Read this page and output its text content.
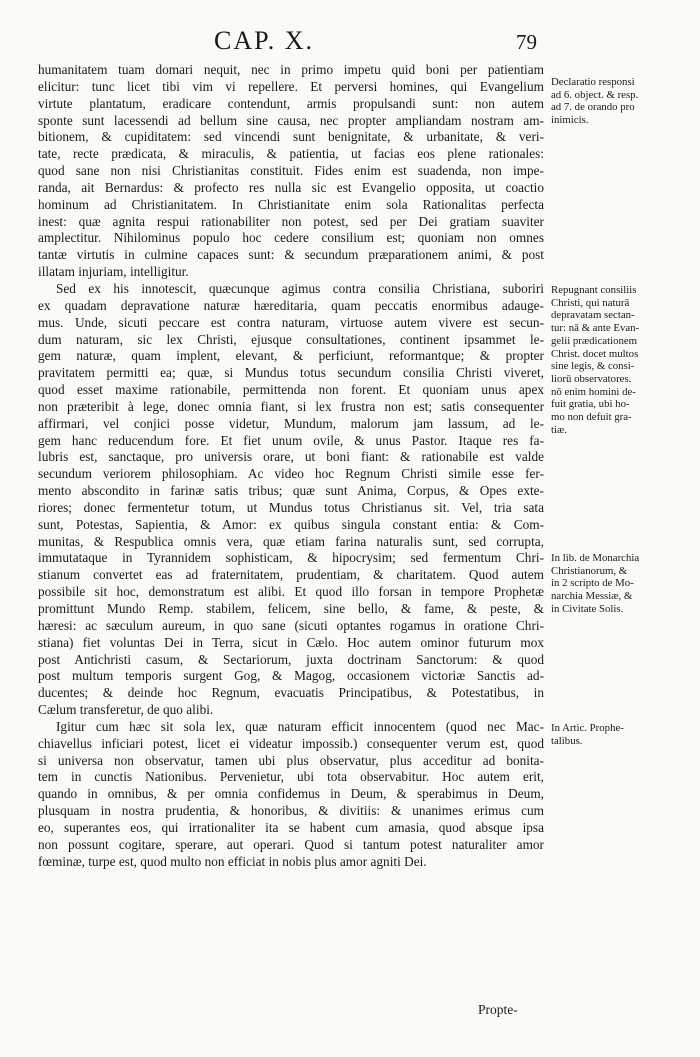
CAP. X.	79
humanitatem tuam domari nequit, nec in primo impetu quid boni per patientiam
elicitur: tunc licet tibi vim vi repellere. Et perversi homines, qui Evangelium
virtute plantatum, eradicare contendunt, armis propulsandi sunt: non autem
sponte sunt lacessendi ad bellum sine causa, nec propter ampliandam nostram am-
bitionem, & cupiditatem: sed vincendi sunt benignitate, & urbanitate, & veri-
tate, recte prædicata, & miraculis, & patientia, ut facias eos plene rationales:
quod sane non nisi Christianitas constituit. Fides enim est suadenda, non impe-
randa, ait Bernardus: & profecto res nulla sic est Evangelio opposita, ut coactio
hominum ad Christianitatem. In Christianitate enim sola Rationalitas perfecta
inest: quæ agnita respui rationabiliter non potest, sed per Dei gratiam suaviter
amplectitur. Nihilominus populo hoc cedere consilium est; quoniam non omnes
tantæ virtutis in culmine capaces sunt: & secundum præparationem animi, & post
illatam injuriam, intelligitur.
Sed ex his innotescit, quæcunque agimus contra consilia Christiana, suboriri
ex quadam depravatione naturæ hæreditaria, quam peccatis enormibus adauge-
mus. Unde, sicuti peccare est contra naturam, virtuose autem vivere est secun-
dum naturam, sic lex Christi, ejusque consultationes, continent ipsammet le-
gem naturæ, quam implent, elevant, & perficiunt, reformantque; & propter
pravitatem permitti ea; quæ, si Mundus totus secundum consilia Christi viveret,
quod esset maxime rationabile, permittenda non forent. Et quoniam unus apex
non præteribit à lege, donec omnia fiant, si lex frustra non est; satis consequenter
affirmari, vel conjici posse videtur, Mundum, malorum jam lassum, ad le-
gem hanc reducendum fore. Et fiet unum ovile, & unus Pastor. Itaque res fa-
lubris est, sanctaque, pro universis orare, ut boni fiant: & rationabile est valde
secundum veriorem philosophiam. Ac video hoc Regnum Christi simile esse fer-
mento abscondito in farinæ satis tribus; quæ sunt Anima, Corpus, & Opes exte-
riores; donec fermentetur totum, ut Mundus totus Christianus sit. Vel, tria sata
sunt, Potestas, Sapientia, & Amor: ex quibus singula constant entia: & Com-
munitas, & Respublica omnis vera, quæ etiam farina naturalis sunt, sed corrupta,
immutataque in Tyrannidem sophisticam, & hipocrysim; sed fermentum Chri-
stianum convertet eas ad fraternitatem, prudentiam, & charitatem. Quod autem
possibile sit hoc, demonstratum est alibi. Et quod illo forsan in tempore Prophetæ
promittunt Mundo Remp. stabilem, felicem, sine bello, & fame, & peste, &
hæresi: ac sæculum aureum, in quo sane (sicuti optantes rogamus in oratione Chri-
stiana) fiet voluntas Dei in Terra, sicut in Cælo. Hoc autem ominor futurum mox
post Antichristi casum, & Sectariorum, juxta doctrinam Sanctorum: & quod
post multum temporis surgent Gog, & Magog, occasionem victoriæ Sanctis ad-
ducentes; & deinde hoc Regnum, evacuatis Principatibus, & Potestatibus, in
Cælum transferetur, de quo alibi.
Igitur cum hæc sit sola lex, quæ naturam efficit innocentem (quod nec Mac-
chiavellus inficiari potest, licet ei videatur impossib.) consequenter verum est, quod
si universa non observatur, tamen ubi plus observatur, plus acceditur ad bonita-
tem in cunctis Nationibus. Pervenietur, ubi tota observabitur. Hoc autem erit,
quando in omnibus, & per omnia confidemus in Deum, & sperabimus in Deum,
plusquam in nostra prudentia, & honoribus, & divitiis: & unanimes erimus cum
eo, superantes eos, qui irrationaliter ita se habent cum amasia, quod absque ipsa
non possunt cogitare, sperare, aut operari. Quod si tantum potest naturaliter amor
fœminæ, turpe est, quod multo non efficiat in nobis plus amor agniti Dei.
Declaratio responsi
ad 6. object. & resp.
ad 7. de orando pro
inimicis.
Repugnant consiliis
Christi, qui naturā
depravatam sectan-
tur: nā & ante Evan-
gelii prædicationem
Christ. docet multos
sine legis, & consi-
liorū observatores.
nō enim homini de-
fuit gratia, ubi ho-
mo non defuit gra-
tiæ.
In lib. de Monarchia
Christianorum, &
in 2 scripto de Mo-
narchia Messiæ, &
in Civitate Solis.
In Artic. Prophe-
talibus.
Propte-
